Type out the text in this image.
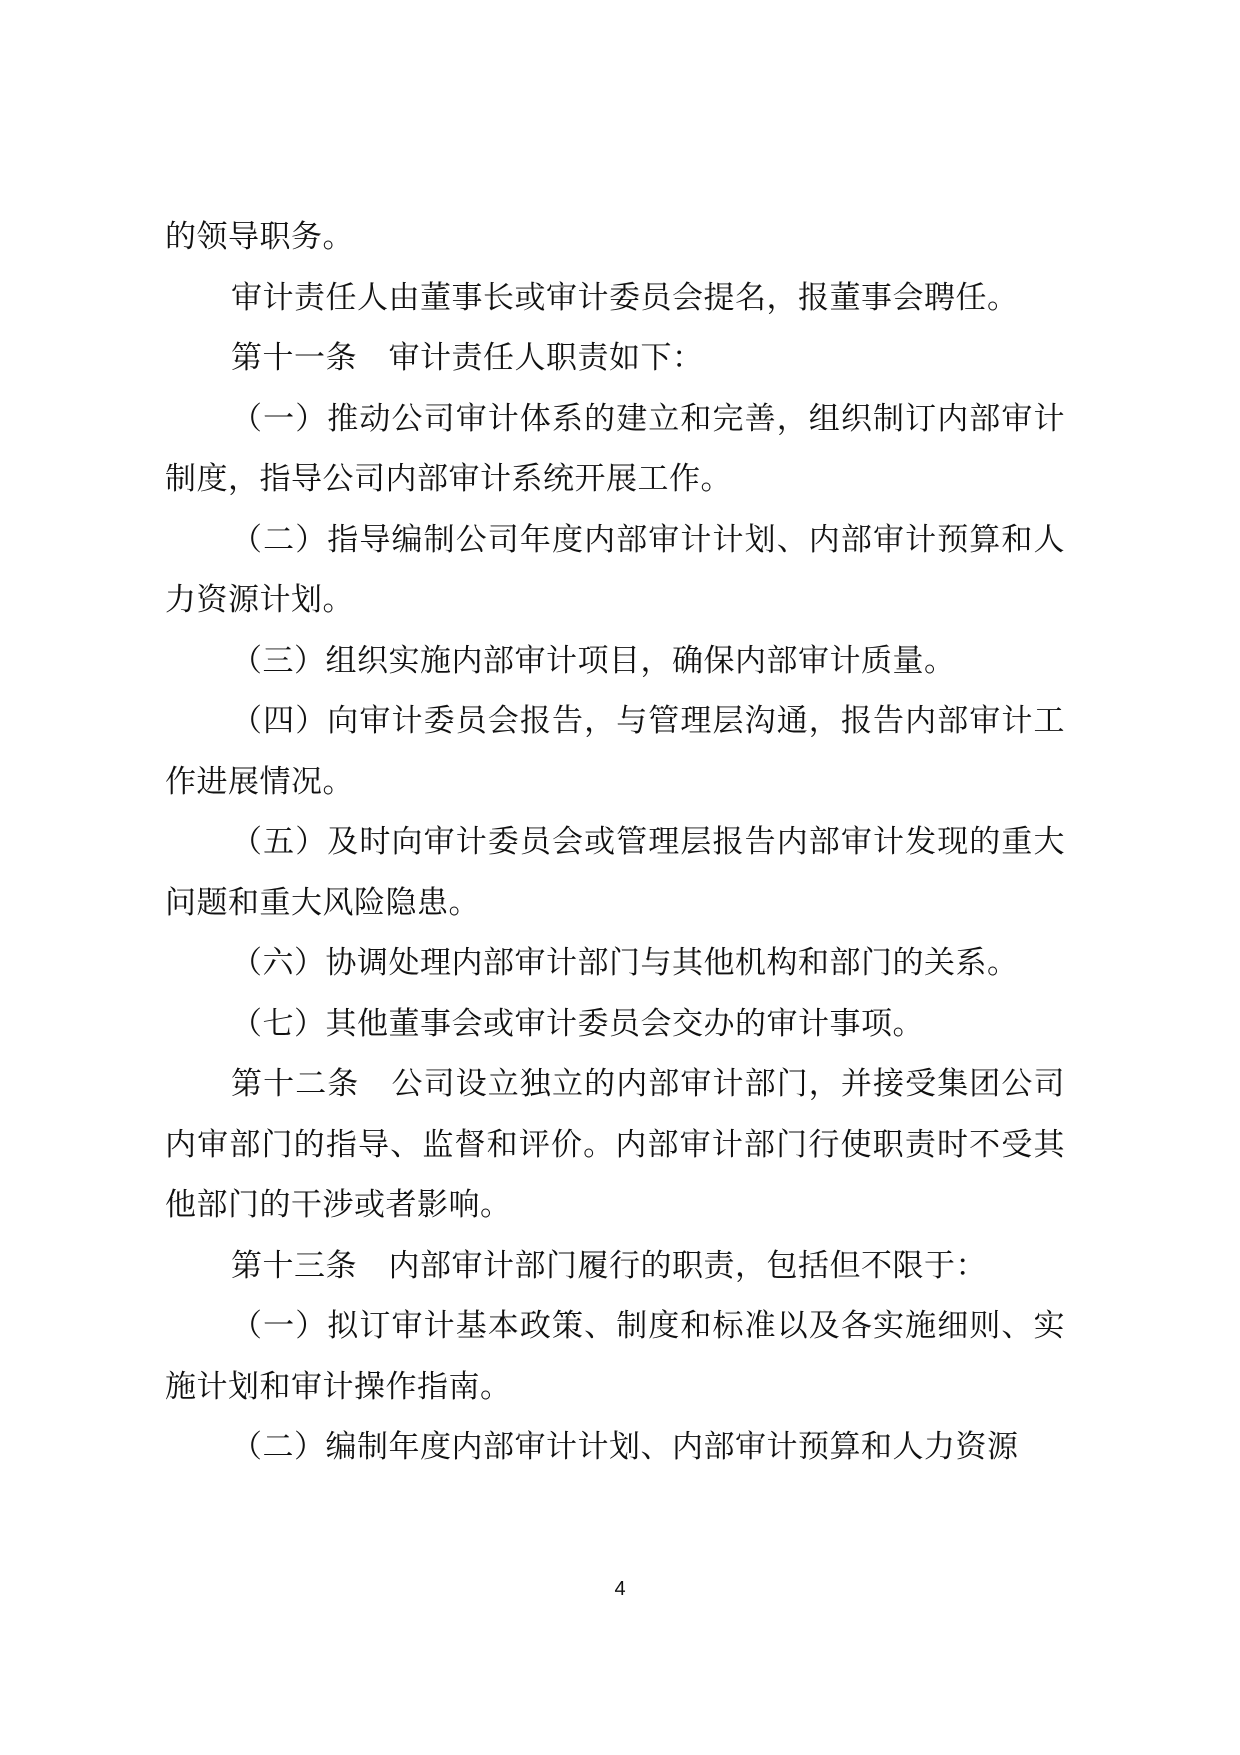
的领导职务。

审计责任人由董事长或审计委员会提名，报董事会聘任。

第十一条　审计责任人职责如下：

（一）推动公司审计体系的建立和完善，组织制订内部审计制度，指导公司内部审计系统开展工作。

（二）指导编制公司年度内部审计计划、内部审计预算和人力资源计划。

（三）组织实施内部审计项目，确保内部审计质量。

（四）向审计委员会报告，与管理层沟通，报告内部审计工作进展情况。

（五）及时向审计委员会或管理层报告内部审计发现的重大问题和重大风险隐患。

（六）协调处理内部审计部门与其他机构和部门的关系。

（七）其他董事会或审计委员会交办的审计事项。

第十二条　公司设立独立的内部审计部门，并接受集团公司内审部门的指导、监督和评价。内部审计部门行使职责时不受其他部门的干涉或者影响。

第十三条　内部审计部门履行的职责，包括但不限于：

（一）拟订审计基本政策、制度和标准以及各实施细则、实施计划和审计操作指南。

（二）编制年度内部审计计划、内部审计预算和人力资源

4
